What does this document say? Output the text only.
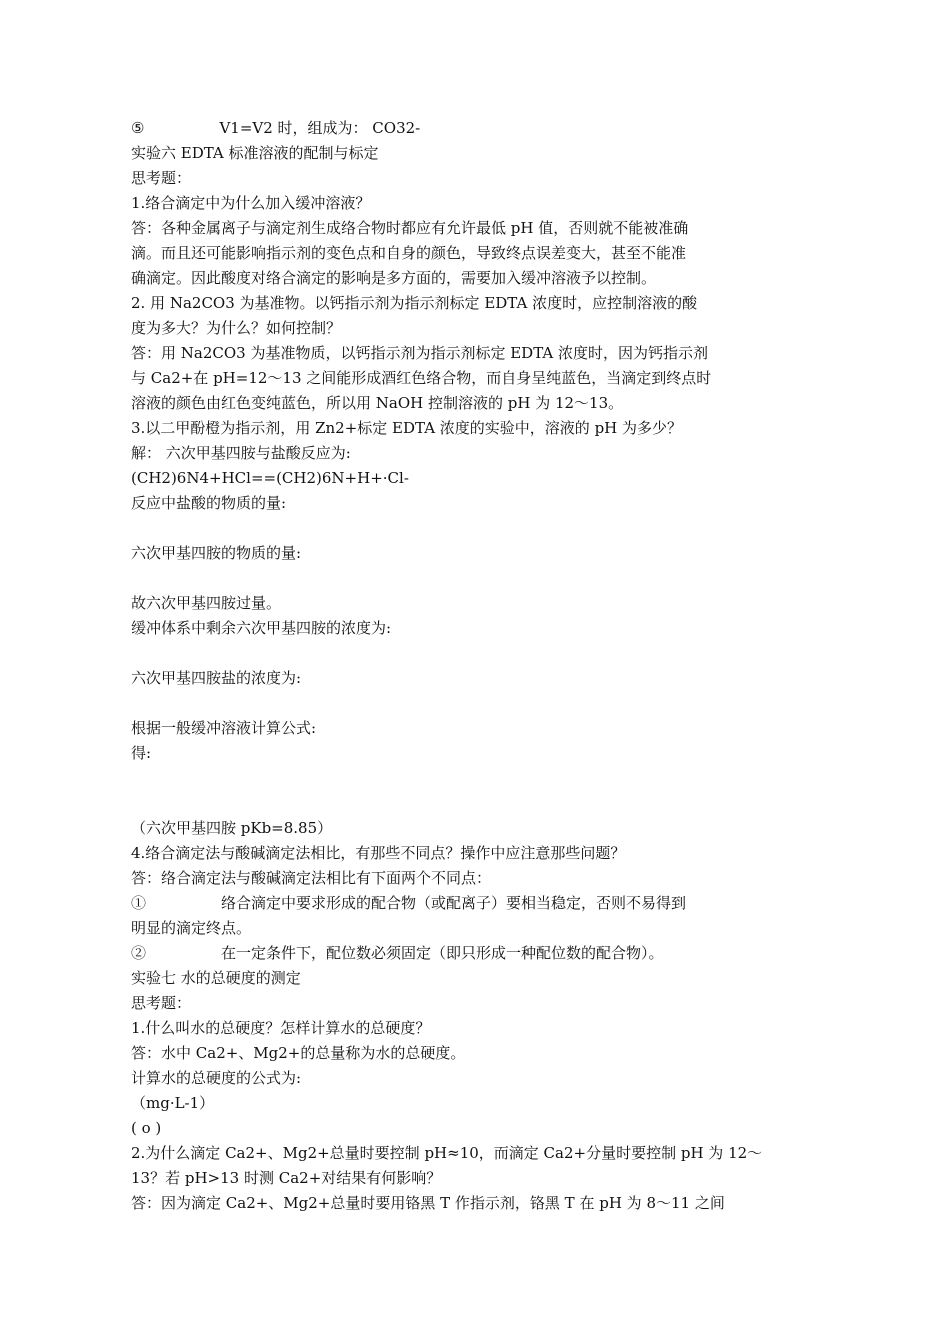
⑤　　　　　V1=V2 时，组成为： CO32-
实验六 EDTA 标准溶液的配制与标定
思考题：
1.络合滴定中为什么加入缓冲溶液？
答：各种金属离子与滴定剂生成络合物时都应有允许最低 pH 值，否则就不能被准确
滴。而且还可能影响指示剂的变色点和自身的颜色，导致终点误差变大，甚至不能准
确滴定。因此酸度对络合滴定的影响是多方面的，需要加入缓冲溶液予以控制。
2. 用 Na2CO3 为基准物。以钙指示剂为指示剂标定 EDTA 浓度时，应控制溶液的酸
度为多大？为什么？如何控制？
答：用 Na2CO3 为基准物质，以钙指示剂为指示剂标定 EDTA 浓度时，因为钙指示剂
与 Ca2+在 pH=12～13 之间能形成酒红色络合物，而自身呈纯蓝色，当滴定到终点时
溶液的颜色由红色变纯蓝色，所以用 NaOH 控制溶液的 pH 为 12～13。
3.以二甲酚橙为指示剂，用 Zn2+标定 EDTA 浓度的实验中，溶液的 pH 为多少？
解： 六次甲基四胺与盐酸反应为:
(CH2)6N4+HCl==(CH2)6N+H+·Cl-
反应中盐酸的物质的量:
六次甲基四胺的物质的量:
故六次甲基四胺过量。
缓冲体系中剩余六次甲基四胺的浓度为:
六次甲基四胺盐的浓度为:
根据一般缓冲溶液计算公式:
得:
（六次甲基四胺 pKb=8.85）
4.络合滴定法与酸碱滴定法相比，有那些不同点？操作中应注意那些问题？
答：络合滴定法与酸碱滴定法相比有下面两个不同点：
①　　　　　络合滴定中要求形成的配合物（或配离子）要相当稳定，否则不易得到
明显的滴定终点。
②　　　　　在一定条件下，配位数必须固定（即只形成一种配位数的配合物）。
实验七 水的总硬度的测定
思考题：
1.什么叫水的总硬度？怎样计算水的总硬度？
答：水中 Ca2+、Mg2+的总量称为水的总硬度。
计算水的总硬度的公式为:
（mg·L-1）
( o )
2.为什么滴定 Ca2+、Mg2+总量时要控制 pH≈10，而滴定 Ca2+分量时要控制 pH 为 12～
13？若 pH>13 时测 Ca2+对结果有何影响？
答：因为滴定 Ca2+、Mg2+总量时要用铬黑 T 作指示剂，铬黑 T 在 pH 为 8～11 之间
